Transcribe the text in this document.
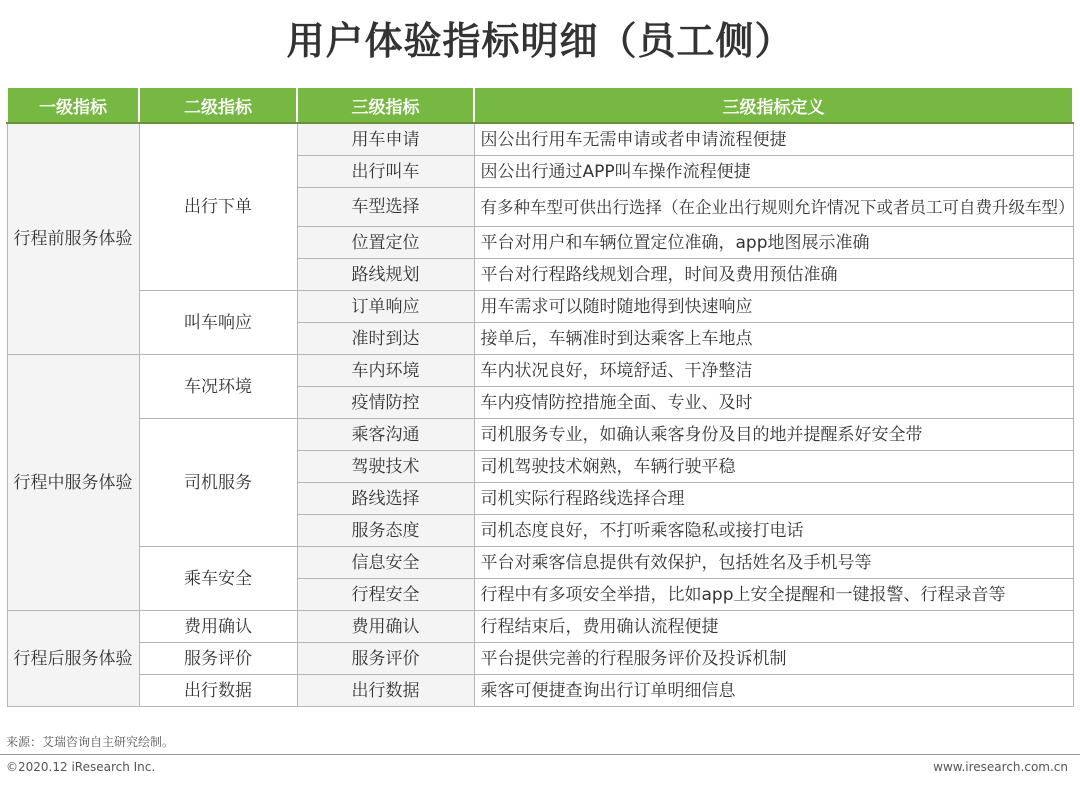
用户体验指标明细（员工侧）
一级指标	二级指标	三级指标	三级指标定义
行程前服务体验	出行下单	用车申请	因公出行用车无需申请或者申请流程便捷
		出行叫车	因公出行通过APP叫车操作流程便捷
		车型选择	有多种车型可供出行选择（在企业出行规则允许情况下或者员工可自费升级车型）
		位置定位	平台对用户和车辆位置定位准确，app地图展示准确
		路线规划	平台对行程路线规划合理，时间及费用预估准确
	叫车响应	订单响应	用车需求可以随时随地得到快速响应
		准时到达	接单后，车辆准时到达乘客上车地点
行程中服务体验	车况环境	车内环境	车内状况良好，环境舒适、干净整洁
		疫情防控	车内疫情防控措施全面、专业、及时
	司机服务	乘客沟通	司机服务专业，如确认乘客身份及目的地并提醒系好安全带
		驾驶技术	司机驾驶技术娴熟，车辆行驶平稳
		路线选择	司机实际行程路线选择合理
		服务态度	司机态度良好，不打听乘客隐私或接打电话
	乘车安全	信息安全	平台对乘客信息提供有效保护，包括姓名及手机号等
		行程安全	行程中有多项安全举措，比如app上安全提醒和一键报警、行程录音等
行程后服务体验	费用确认	费用确认	行程结束后，费用确认流程便捷
	服务评价	服务评价	平台提供完善的行程服务评价及投诉机制
	出行数据	出行数据	乘客可便捷查询出行订单明细信息
来源：艾瑞咨询自主研究绘制。
©2020.12 iResearch Inc.	www.iresearch.com.cn
